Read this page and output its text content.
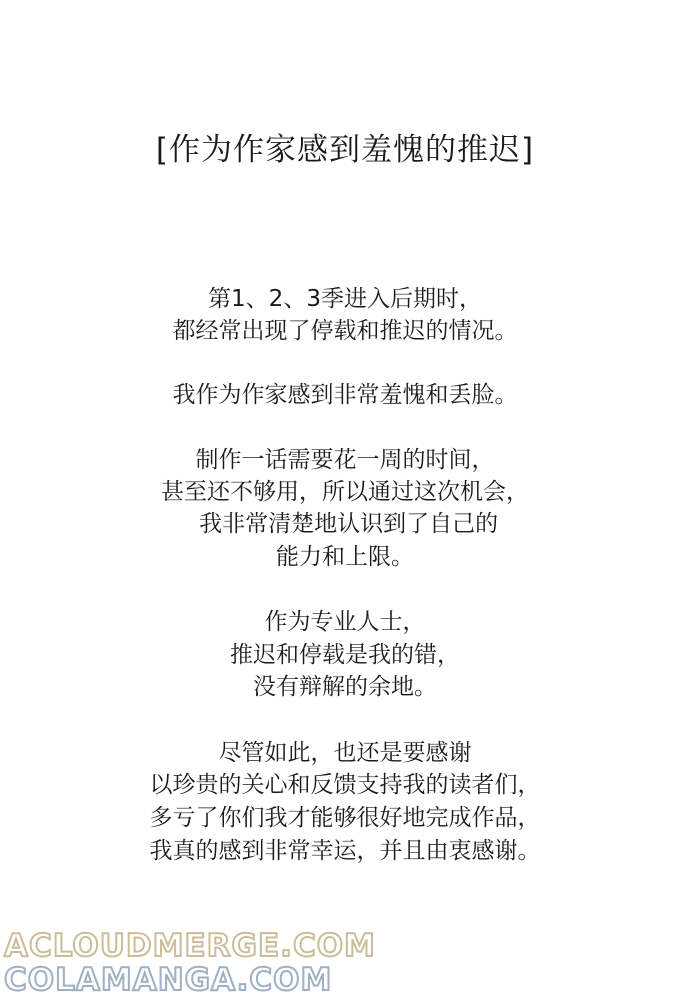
[作为作家感到羞愧的推迟]
第1、2、3季进入后期时，
都经常出现了停载和推迟的情况。
我作为作家感到非常羞愧和丢脸。
制作一话需要花一周的时间，
甚至还不够用，所以通过这次机会，
我非常清楚地认识到了自己的
能力和上限。
作为专业人士，
推迟和停载是我的错，
没有辩解的余地。
尽管如此，也还是要感谢
以珍贵的关心和反馈支持我的读者们，
多亏了你们我才能够很好地完成作品，
我真的感到非常幸运，并且由衷感谢。
ACLOUDMERGE.COM
COLAMANGA.COM
